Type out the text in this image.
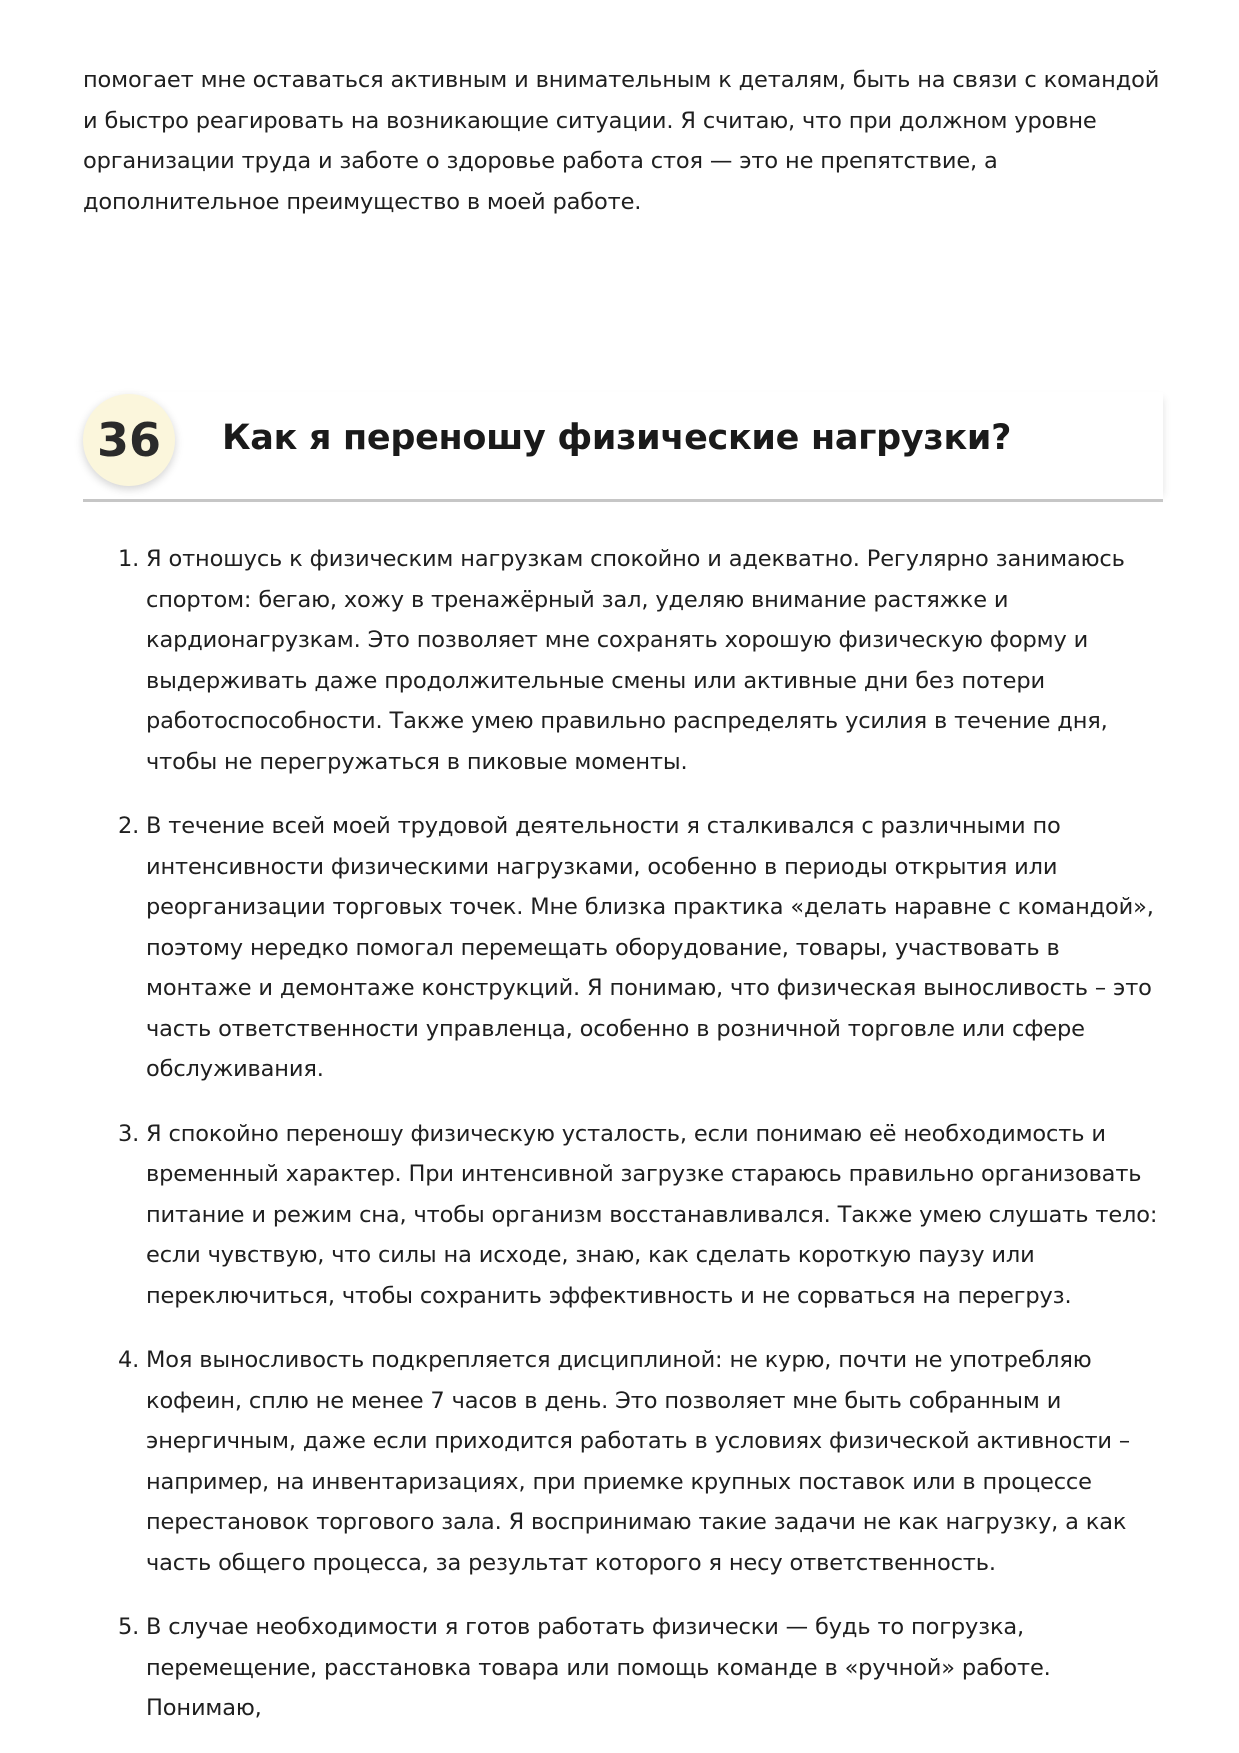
помогает мне оставаться активным и внимательным к деталям, быть на связи с командой и быстро реагировать на возникающие ситуации. Я считаю, что при должном уровне организации труда и заботе о здоровье работа стоя — это не препятствие, а дополнительное преимущество в моей работе.

36	Как я переношу физические нагрузки?
1. Я отношусь к физическим нагрузкам спокойно и адекватно. Регулярно занимаюсь спортом: бегаю, хожу в тренажёрный зал, уделяю внимание растяжке и кардионагрузкам. Это позволяет мне сохранять хорошую физическую форму и выдерживать даже продолжительные смены или активные дни без потери работоспособности. Также умею правильно распределять усилия в течение дня, чтобы не перегружаться в пиковые моменты.
2. В течение всей моей трудовой деятельности я сталкивался с различными по интенсивности физическими нагрузками, особенно в периоды открытия или реорганизации торговых точек. Мне близка практика «делать наравне с командой», поэтому нередко помогал перемещать оборудование, товары, участвовать в монтаже и демонтаже конструкций. Я понимаю, что физическая выносливость – это часть ответственности управленца, особенно в розничной торговле или сфере обслуживания.
3. Я спокойно переношу физическую усталость, если понимаю её необходимость и временный характер. При интенсивной загрузке стараюсь правильно организовать питание и режим сна, чтобы организм восстанавливался. Также умею слушать тело: если чувствую, что силы на исходе, знаю, как сделать короткую паузу или переключиться, чтобы сохранить эффективность и не сорваться на перегруз.
4. Моя выносливость подкрепляется дисциплиной: не курю, почти не употребляю кофеин, сплю не менее 7 часов в день. Это позволяет мне быть собранным и энергичным, даже если приходится работать в условиях физической активности – например, на инвентаризациях, при приемке крупных поставок или в процессе перестановок торгового зала. Я воспринимаю такие задачи не как нагрузку, а как часть общего процесса, за результат которого я несу ответственность.
5. В случае необходимости я готов работать физически — будь то погрузка, перемещение, расстановка товара или помощь команде в «ручной» работе. Понимаю,
